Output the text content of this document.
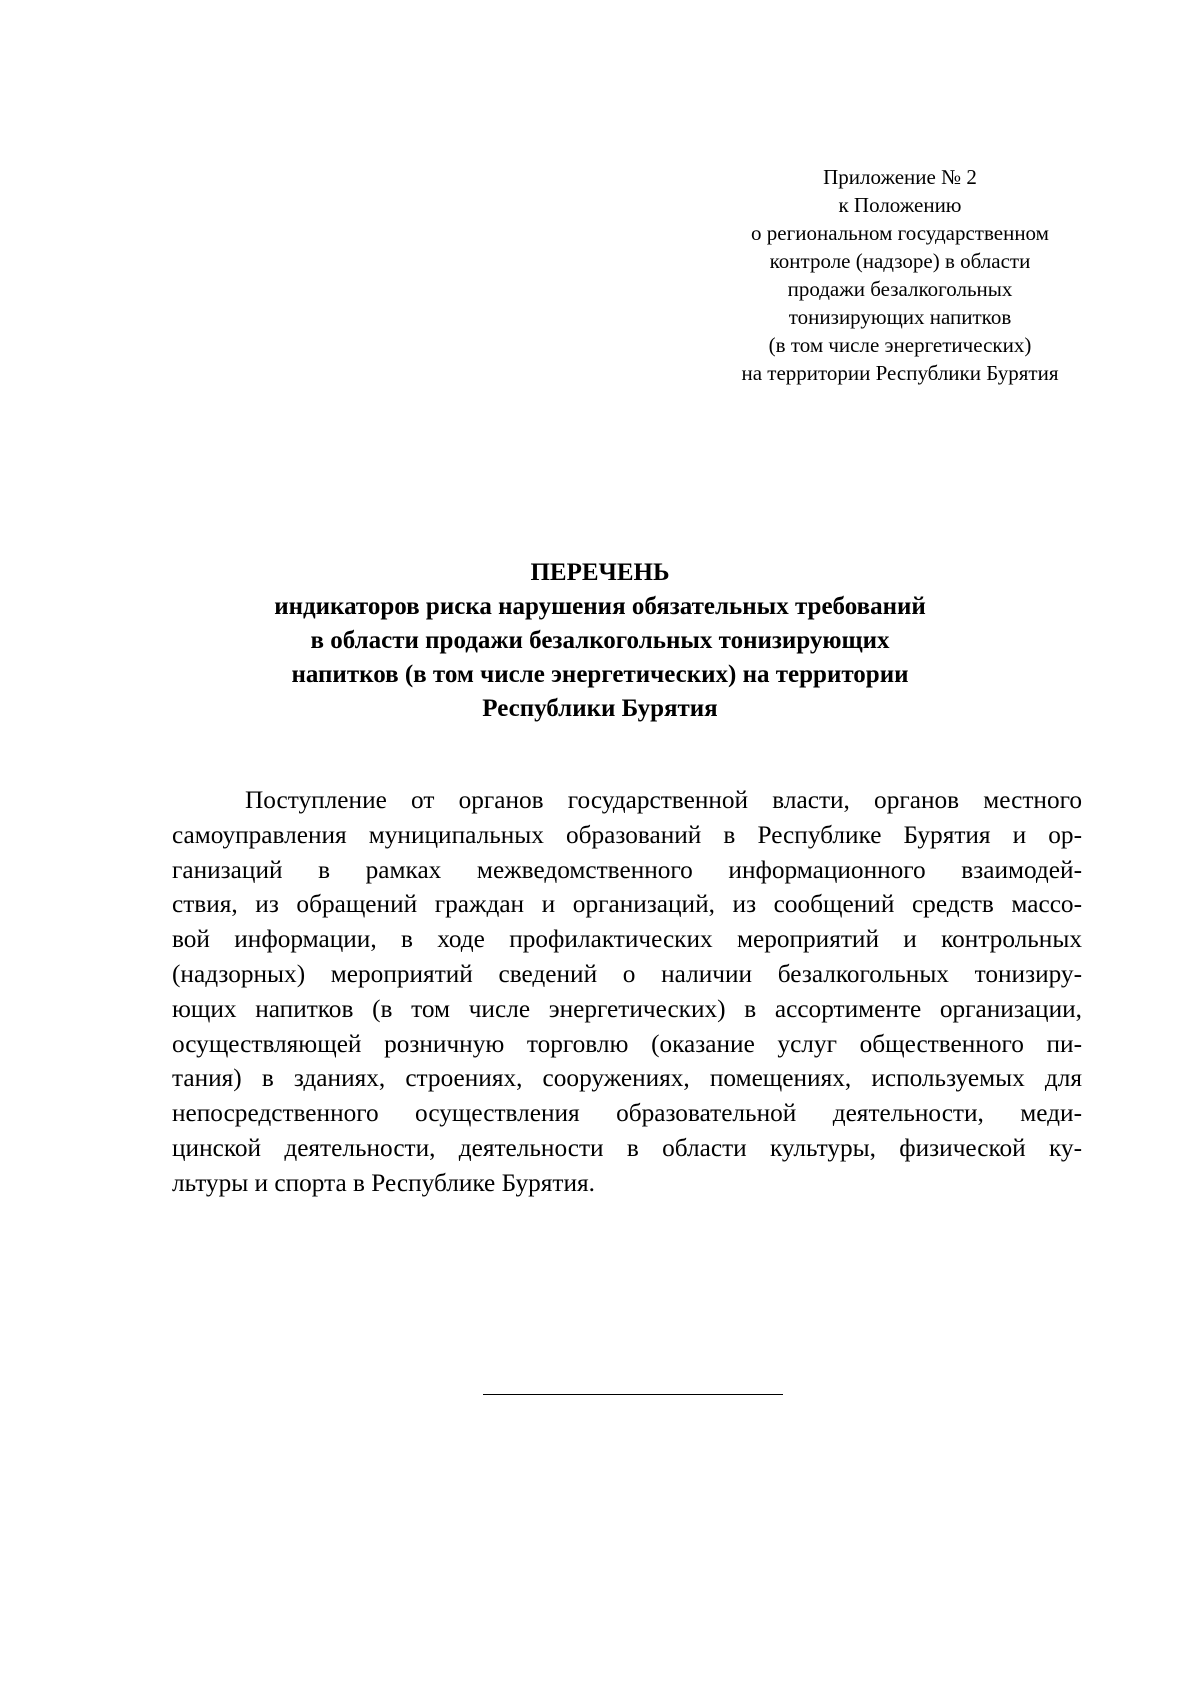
Приложение № 2
к Положению
о региональном государственном
контроле (надзоре) в области
продажи безалкогольных
тонизирующих напитков
(в том числе энергетических)
на территории Республики Бурятия
ПЕРЕЧЕНЬ
индикаторов риска нарушения обязательных требований
в области продажи безалкогольных тонизирующих
напитков (в том числе энергетических) на территории
Республики Бурятия
Поступление от органов государственной власти, органов местного
самоуправления муниципальных образований в Республике Бурятия и ор-
ганизаций в рамках межведомственного информационного взаимодей-
ствия, из обращений граждан и организаций, из сообщений средств массо-
вой информации, в ходе профилактических мероприятий и контрольных
(надзорных) мероприятий сведений о наличии безалкогольных тонизиру-
ющих напитков (в том числе энергетических) в ассортименте организации,
осуществляющей розничную торговлю (оказание услуг общественного пи-
тания) в зданиях, строениях, сооружениях, помещениях, используемых для
непосредственного осуществления образовательной деятельности, меди-
цинской деятельности, деятельности в области культуры, физической ку-
льтуры и спорта в Республике Бурятия.
